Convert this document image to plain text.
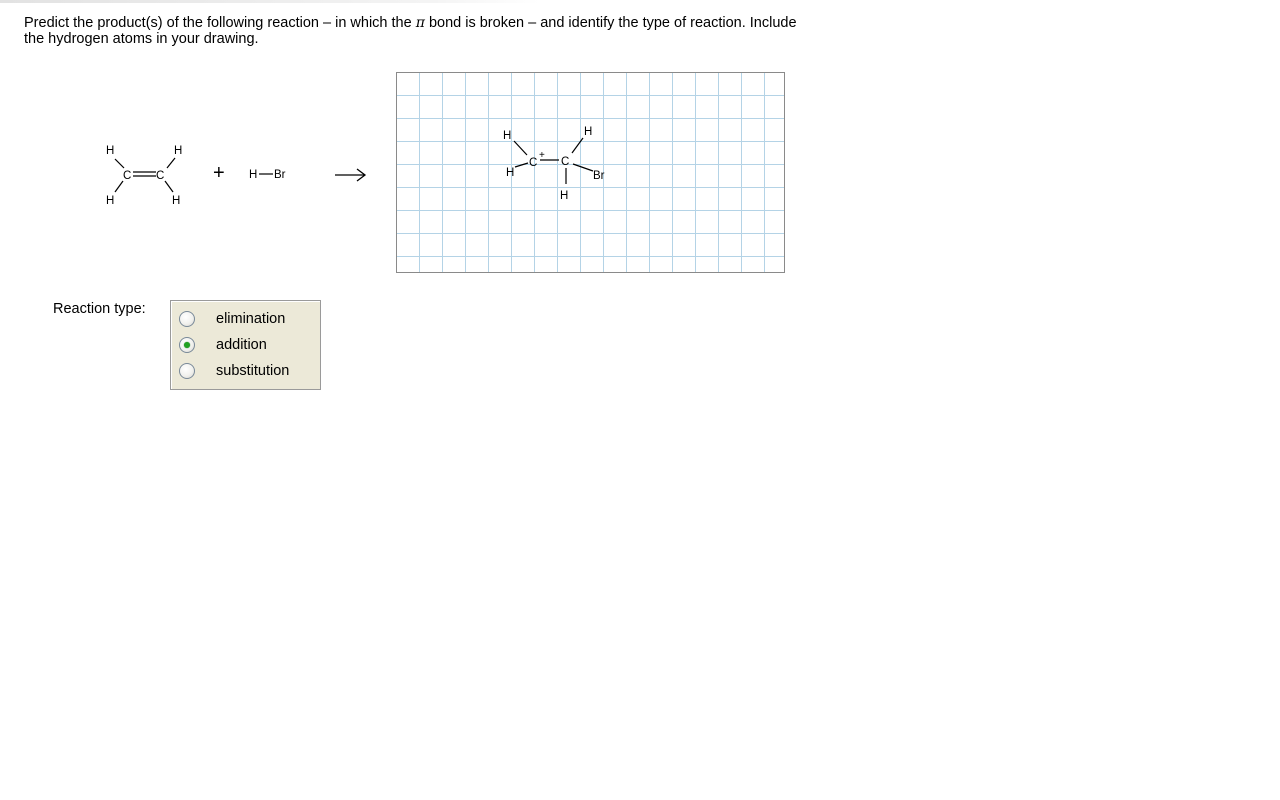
Predict the product(s) of the following reaction – in which the π bond is broken – and identify the type of reaction. Include the hydrogen atoms in your drawing.
H	H
C C
H	H
+ H Br
H	H
H
C
+
C
H
Br
Reaction type:
elimination
addition
substitution
